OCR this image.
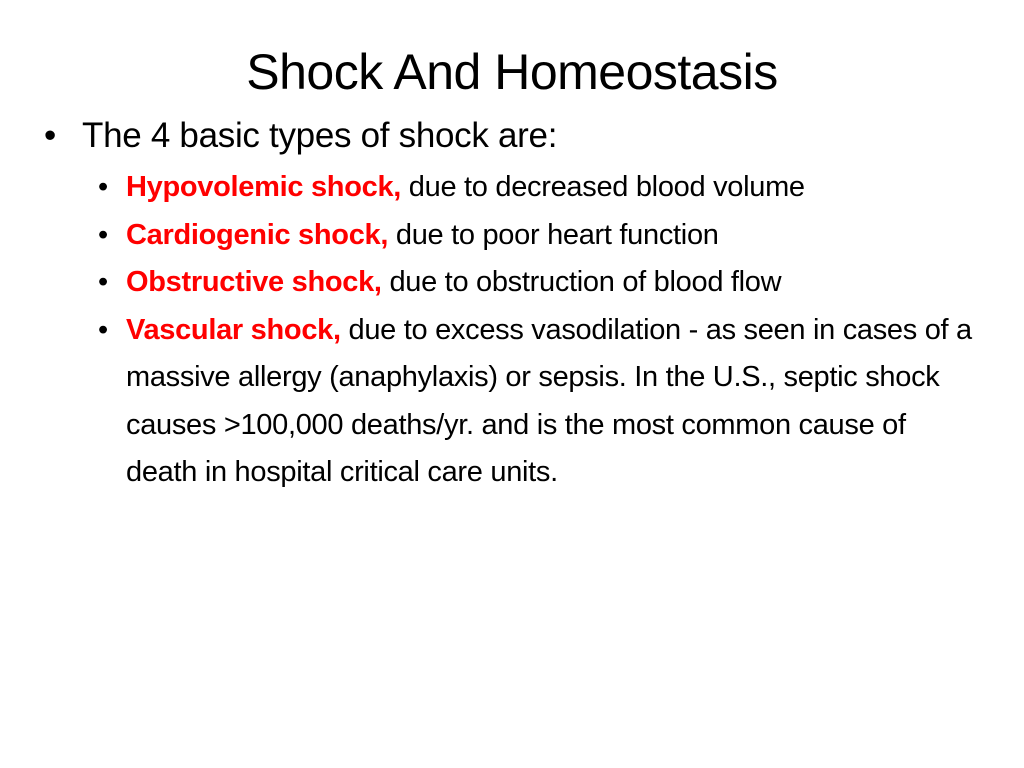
Shock And Homeostasis
• The 4 basic types of shock are:
• Hypovolemic shock, due to decreased blood volume
• Cardiogenic shock, due to poor heart function
• Obstructive shock, due to obstruction of blood flow
• Vascular shock, due to excess vasodilation - as seen in cases of a massive allergy (anaphylaxis) or sepsis. In the U.S., septic shock causes >100,000 deaths/yr. and is the most common cause of death in hospital critical care units.
